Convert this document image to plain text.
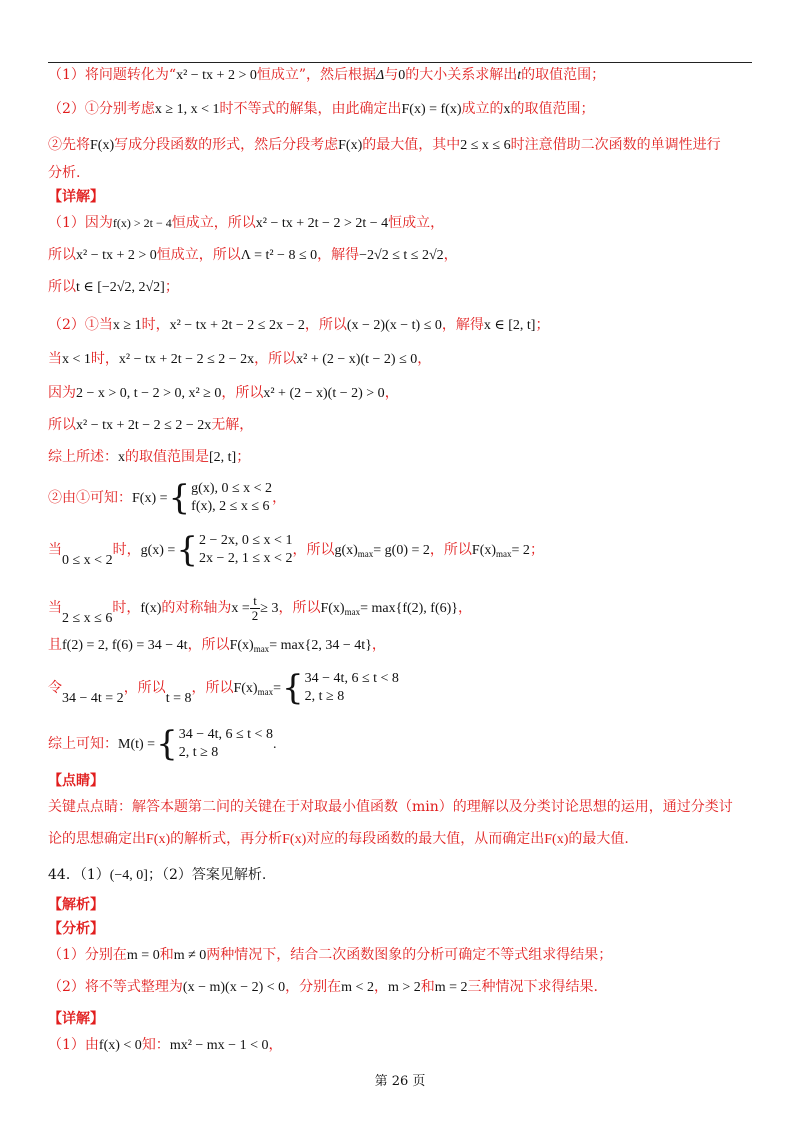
（1）将问题转化为“x² − tx + 2 > 0恒成立”，然后根据Δ与0的大小关系求解出t的取值范围；
（2）①分别考虑x ≥ 1, x < 1时不等式的解集，由此确定出F(x) = f(x)成立的x的取值范围；
②先将F(x)写成分段函数的形式，然后分段考虑F(x)的最大值，其中2 ≤ x ≤ 6时注意借助二次函数的单调性进行
分析.
【详解】
（1）因为f(x) > 2t − 4恒成立，所以x² − tx + 2t − 2 > 2t − 4恒成立，
所以x² − tx + 2 > 0恒成立，所以Λ = t² − 8 ≤ 0，解得−2√2 ≤ t ≤ 2√2，
所以t ∈ [−2√2, 2√2]；
（2）①当x ≥ 1时，x² − tx + 2t − 2 ≤ 2x − 2，所以(x − 2)(x − t) ≤ 0，解得x ∈ [2, t]；
当x < 1时，x² − tx + 2t − 2 ≤ 2 − 2x，所以x² + (2 − x)(t − 2) ≤ 0，
因为2 − x > 0, t − 2 > 0, x² ≥ 0，所以x² + (2 − x)(t − 2) > 0，
所以x² − tx + 2t − 2 ≤ 2 − 2x无解，
综上所述：x的取值范围是[2, t]；
②由①可知：F(x) ={ g(x), 0 ≤ x < 2
f(x), 2 ≤ x ≤ 6
，
当0 ≤ x < 2时，g(x) ={ 2 − 2x, 0 ≤ x < 1
2x − 2, 1 ≤ x < 2
，所以$g(x)_{max}= g(0) = 2$，所以$F(x)_{max}= 2$；
当2 ≤ x ≤ 6时，f(x)的对称轴为$x = \frac{t}{2} \ge 3$，所以$F(x)_{max}= \max\{f(2)$, f(6)}，
且f(2) = 2, f(6) = 34 − 4t，所以$F(x)_{max}= \max\{2$, 34 − 4t}，
令34 − 4t = 2，所以t = 8，所以$F(x)_{max}=${ 34 − 4t, 6 ≤ t < 8
2, t ≥ 8
综上可知：M(t) ={ 34 − 4t, 6 ≤ t < 8
2, t ≥ 8
.
【点睛】
关键点点睛：解答本题第二问的关键在于对取最小值函数（min）的理解以及分类讨论思想的运用，通过分类讨
论的思想确定出F(x)的解析式，再分析F(x)对应的每段函数的最大值，从而确定出F(x)的最大值.
44．（1）(−4, 0]；（2）答案见解析.
【解析】
【分析】
（1）分别在m = 0和m ≠ 0两种情况下，结合二次函数图象的分析可确定不等式组求得结果；
（2）将不等式整理为(x − m)(x − 2) < 0，分别在m < 2，m > 2和m = 2三种情况下求得结果.
【详解】
（1）由f(x) < 0知：mx² − mx − 1 < 0，
第 26 页
